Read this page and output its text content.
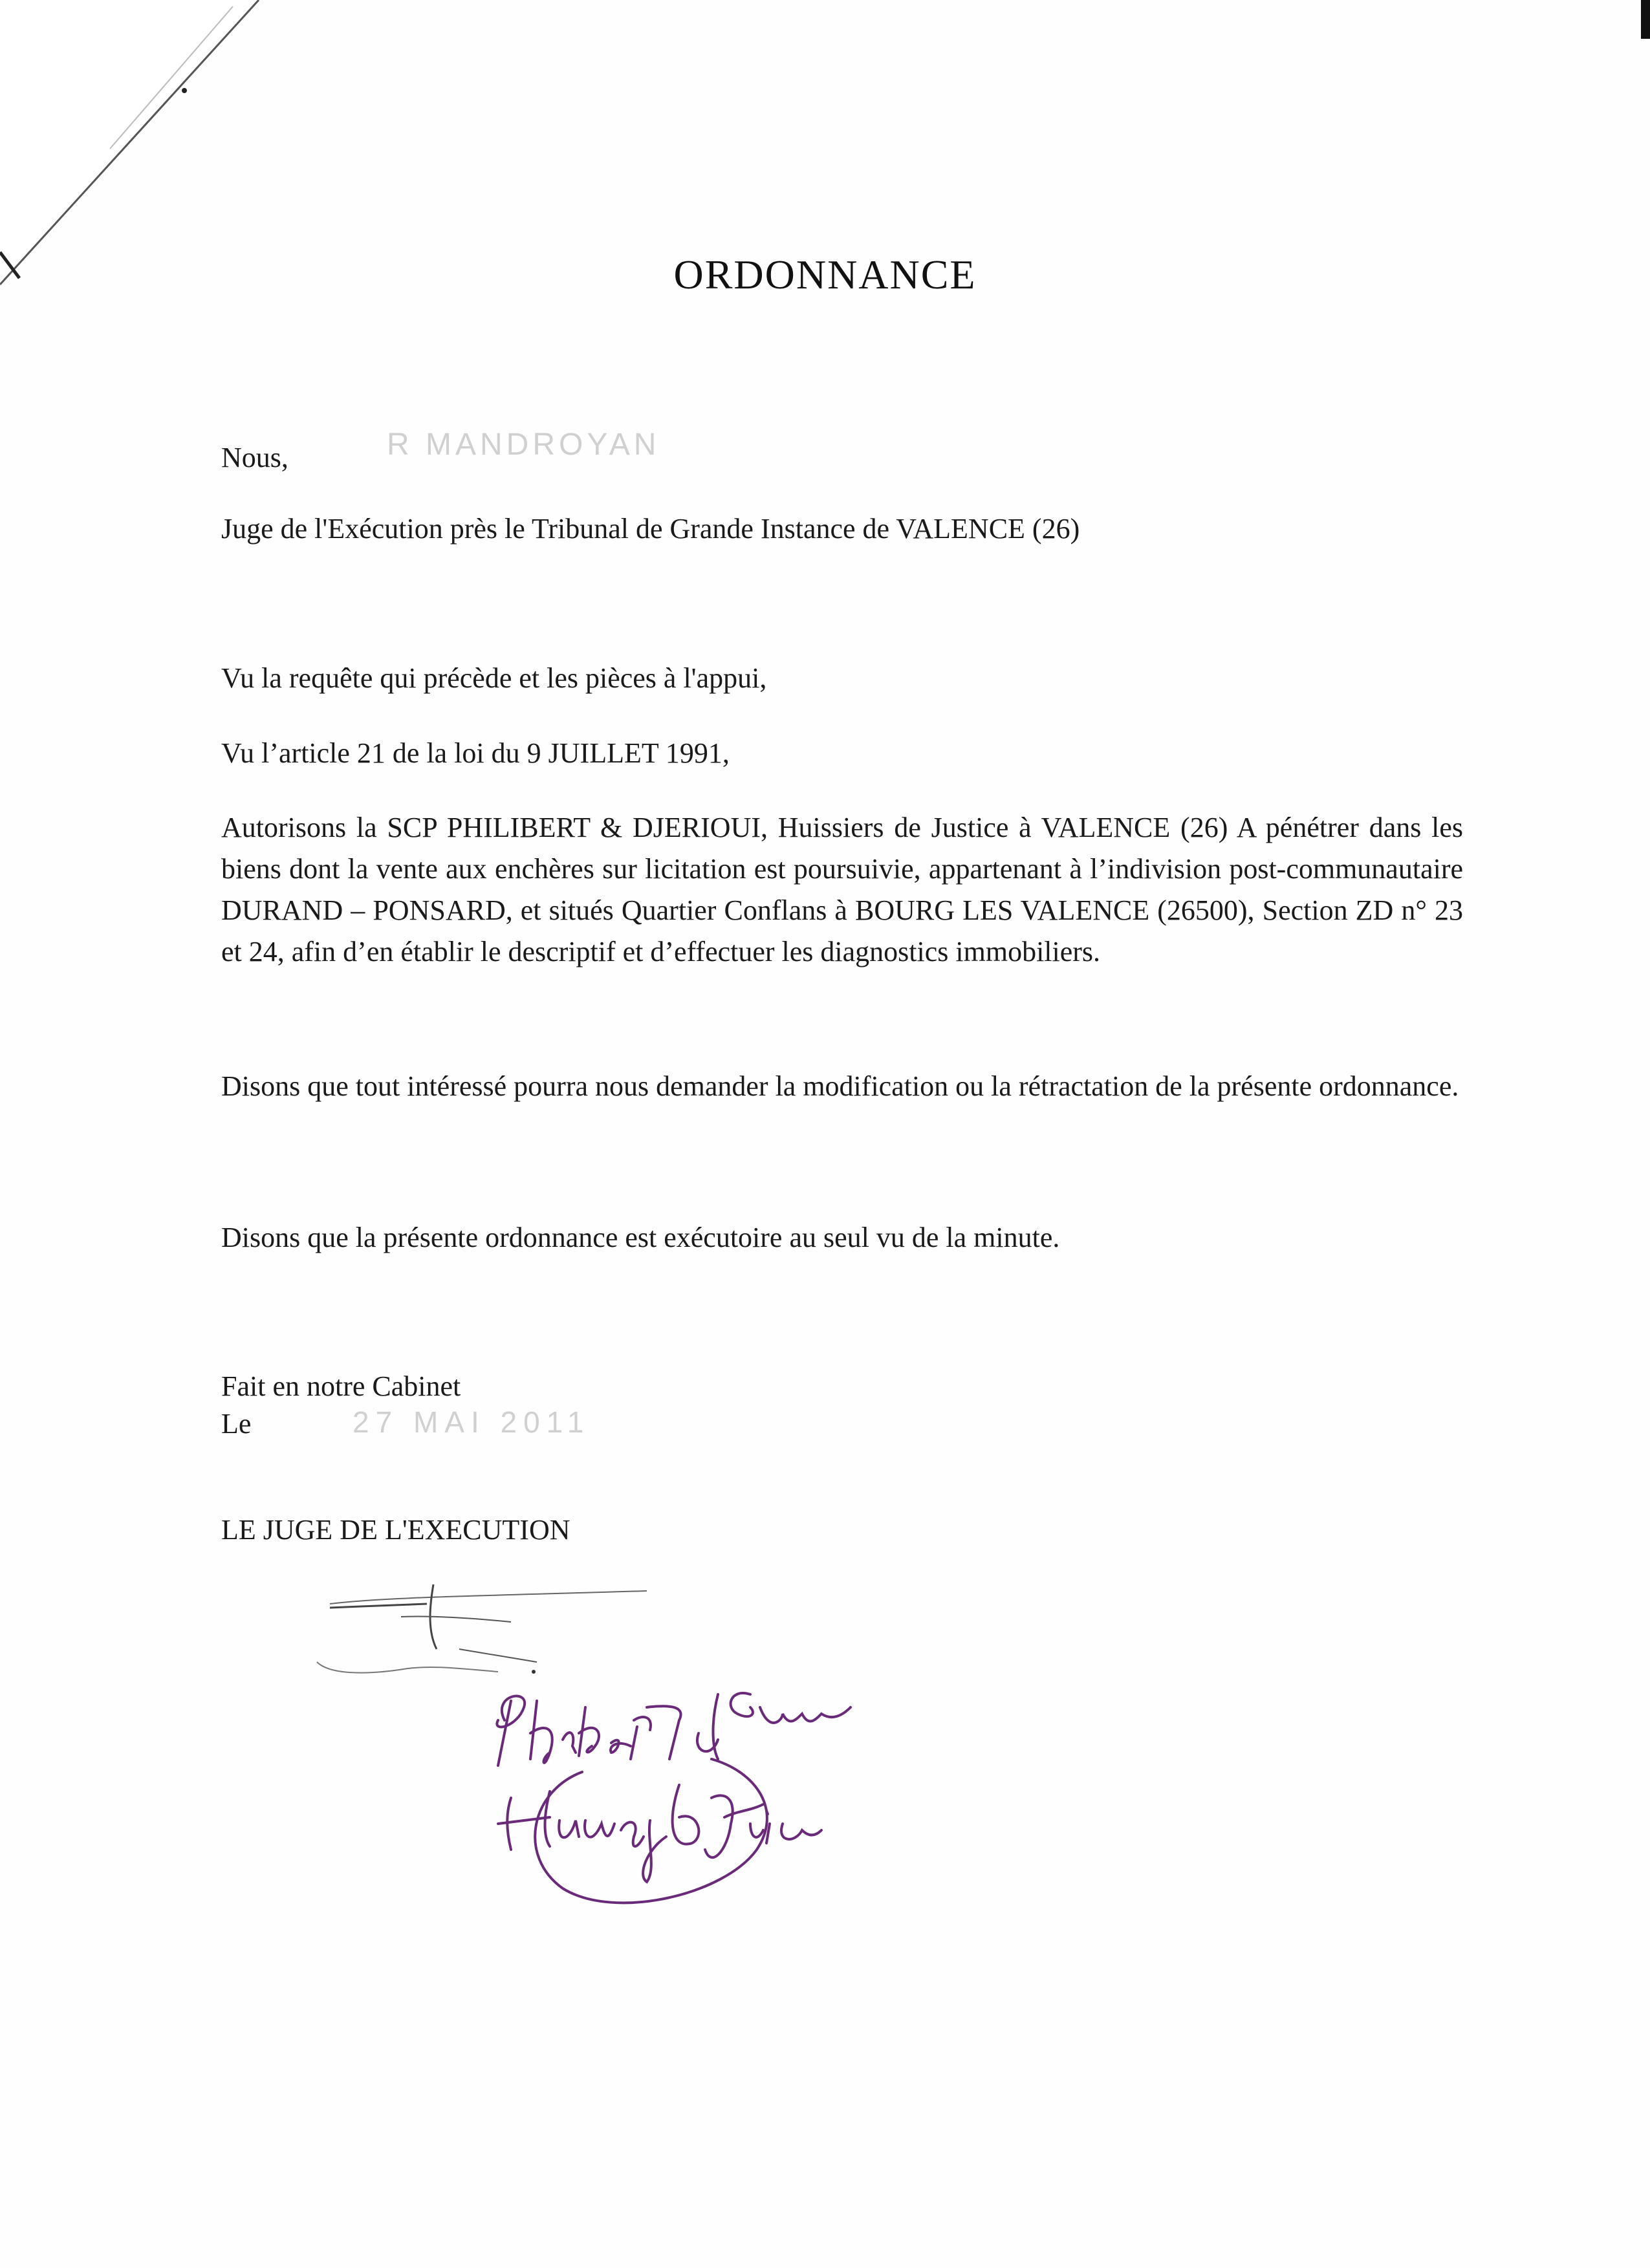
ORDONNANCE
Nous,	R MANDROYAN
Juge de l'Exécution près le Tribunal de Grande Instance de VALENCE (26)
Vu la requête qui précède et les pièces à l'appui,
Vu l’article 21 de la loi du 9 JUILLET 1991,
Autorisons la SCP PHILIBERT & DJERIOUI, Huissiers de Justice à VALENCE (26) A pénétrer dans les biens dont la vente aux enchères sur licitation est poursuivie, appartenant à l’indivision post-communautaire DURAND – PONSARD, et situés Quartier Conflans à BOURG LES VALENCE (26500), Section ZD n° 23 et 24, afin d’en établir le descriptif et d’effectuer les diagnostics immobiliers.
Disons que tout intéressé pourra nous demander la modification ou la rétractation de la présente ordonnance.
Disons que la présente ordonnance est exécutoire au seul vu de la minute.
Fait en notre Cabinet
Le	27 MAI 2011
LE JUGE DE L'EXECUTION
